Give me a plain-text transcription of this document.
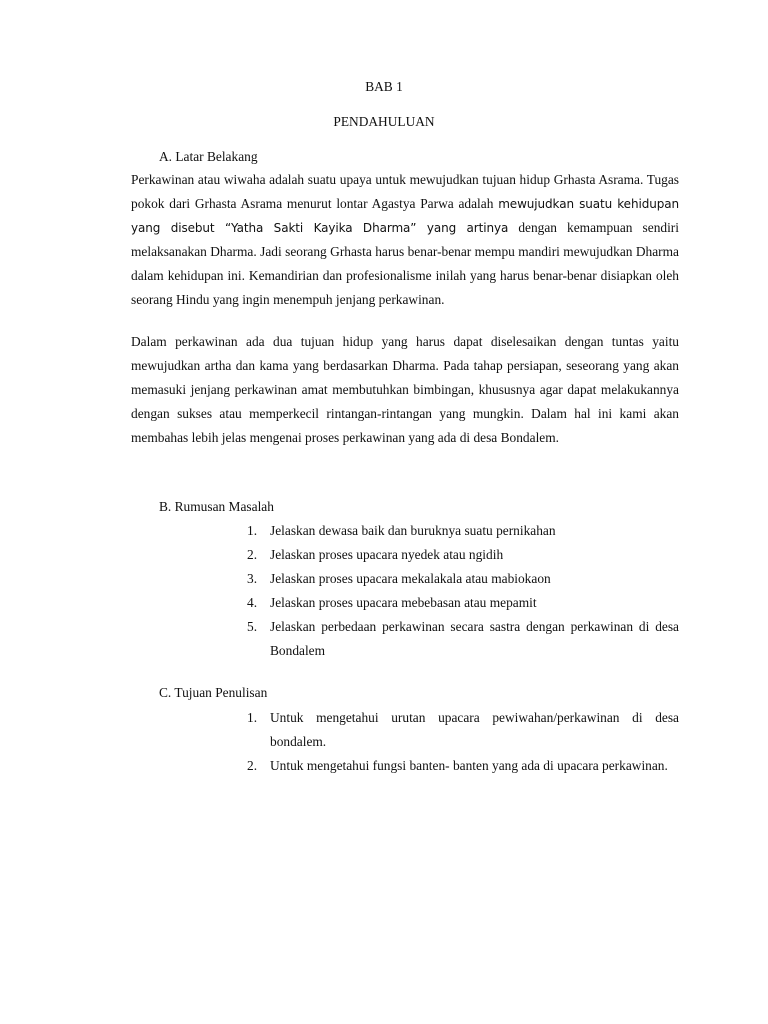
BAB 1
PENDAHULUAN
A. Latar Belakang
Perkawinan atau wiwaha adalah suatu upaya untuk mewujudkan tujuan hidup Grhasta Asrama. Tugas pokok dari Grhasta Asrama menurut lontar Agastya Parwa adalah mewujudkan suatu kehidupan yang disebut “Yatha Sakti Kayika Dharma” yang artinya dengan kemampuan sendiri melaksanakan Dharma. Jadi seorang Grhasta harus benar-benar mempu mandiri mewujudkan Dharma dalam kehidupan ini. Kemandirian dan profesionalisme inilah yang harus benar-benar disiapkan oleh seorang Hindu yang ingin menempuh jenjang perkawinan.
Dalam perkawinan ada dua tujuan hidup yang harus dapat diselesaikan dengan tuntas yaitu mewujudkan artha dan kama yang berdasarkan Dharma. Pada tahap persiapan, seseorang yang akan memasuki jenjang perkawinan amat membutuhkan bimbingan, khususnya agar dapat melakukannya dengan sukses atau memperkecil rintangan-rintangan yang mungkin. Dalam hal ini kami akan membahas lebih jelas mengenai proses perkawinan yang ada di desa Bondalem.
B. Rumusan Masalah
1. Jelaskan dewasa baik dan buruknya suatu pernikahan
2. Jelaskan proses upacara nyedek atau ngidih
3. Jelaskan proses upacara mekalakala atau mabiokaon
4. Jelaskan proses upacara mebebasan atau mepamit
5. Jelaskan perbedaan perkawinan secara sastra dengan perkawinan di desa Bondalem
C. Tujuan Penulisan
1. Untuk mengetahui urutan upacara pewiwahan/perkawinan di desa bondalem.
2. Untuk mengetahui fungsi banten- banten yang ada di upacara perkawinan.
